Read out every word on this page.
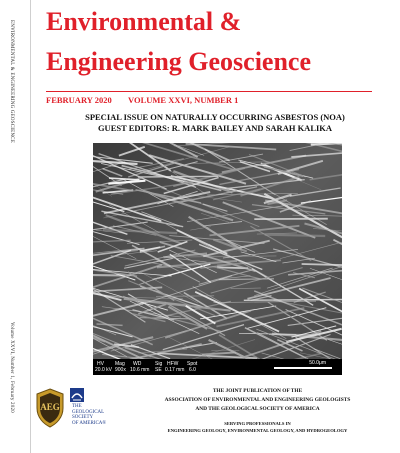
ENVIRONMENTAL & ENGINEERING GEOSCIENCE
Volume XXVI, Number 1, February 2020
Environmental &
Engineering Geoscience
FEBRUARY 2020 VOLUME XXVI, NUMBER 1
SPECIAL ISSUE ON NATURALLY OCCURRING ASBESTOS (NOA)
GUEST EDITORS: R. MARK BAILEY AND SARAH KALIKA
HV Mag WD	Sig HFW Spot
20.0 kV 900x 10.6 mm SE 0.17 mm 6.0
50.0μm
AEG THE
GEOLOGICAL
SOCIETY
OF AMERICA®
THE JOINT PUBLICATION OF THE
ASSOCIATION OF ENVIRONMENTAL AND ENGINEERING GEOLOGISTS
AND THE GEOLOGICAL SOCIETY OF AMERICA
SERVING PROFESSIONALS IN
ENGINEERING GEOLOGY, ENVIRONMENTAL GEOLOGY, AND HYDROGEOLOGY
